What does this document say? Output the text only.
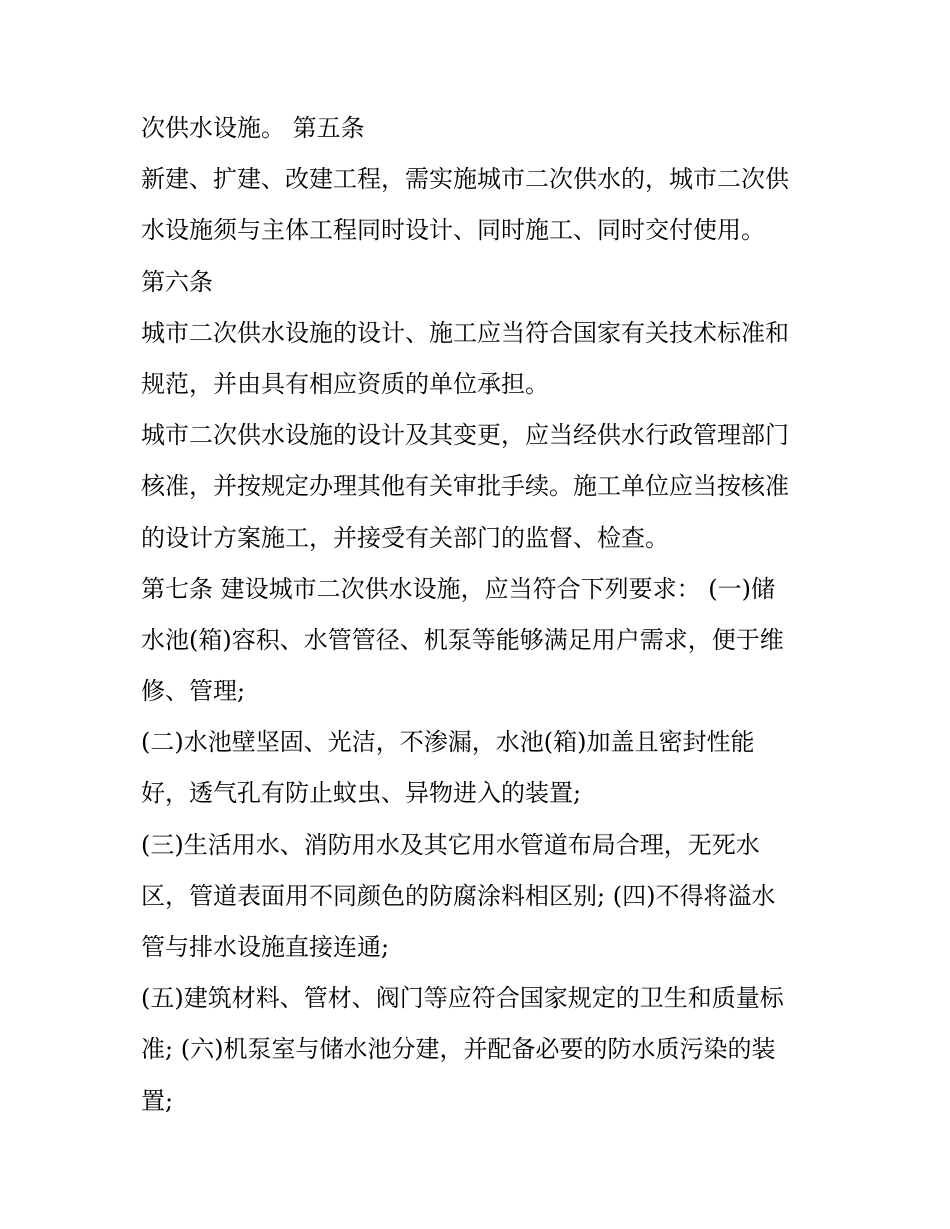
次供水设施。 第五条
新建、扩建、改建工程，需实施城市二次供水的，城市二次供
水设施须与主体工程同时设计、同时施工、同时交付使用。
第六条
城市二次供水设施的设计、施工应当符合国家有关技术标准和
规范，并由具有相应资质的单位承担。
城市二次供水设施的设计及其变更，应当经供水行政管理部门
核准，并按规定办理其他有关审批手续。施工单位应当按核准
的设计方案施工，并接受有关部门的监督、检查。
第七条 建设城市二次供水设施，应当符合下列要求： (一)储
水池(箱)容积、水管管径、机泵等能够满足用户需求，便于维
修、管理;
(二)水池壁坚固、光洁，不渗漏，水池(箱)加盖且密封性能
好，透气孔有防止蚊虫、异物进入的装置;
(三)生活用水、消防用水及其它用水管道布局合理，无死水
区，管道表面用不同颜色的防腐涂料相区别; (四)不得将溢水
管与排水设施直接连通;
(五)建筑材料、管材、阀门等应符合国家规定的卫生和质量标
准; (六)机泵室与储水池分建，并配备必要的防水质污染的装
置;
